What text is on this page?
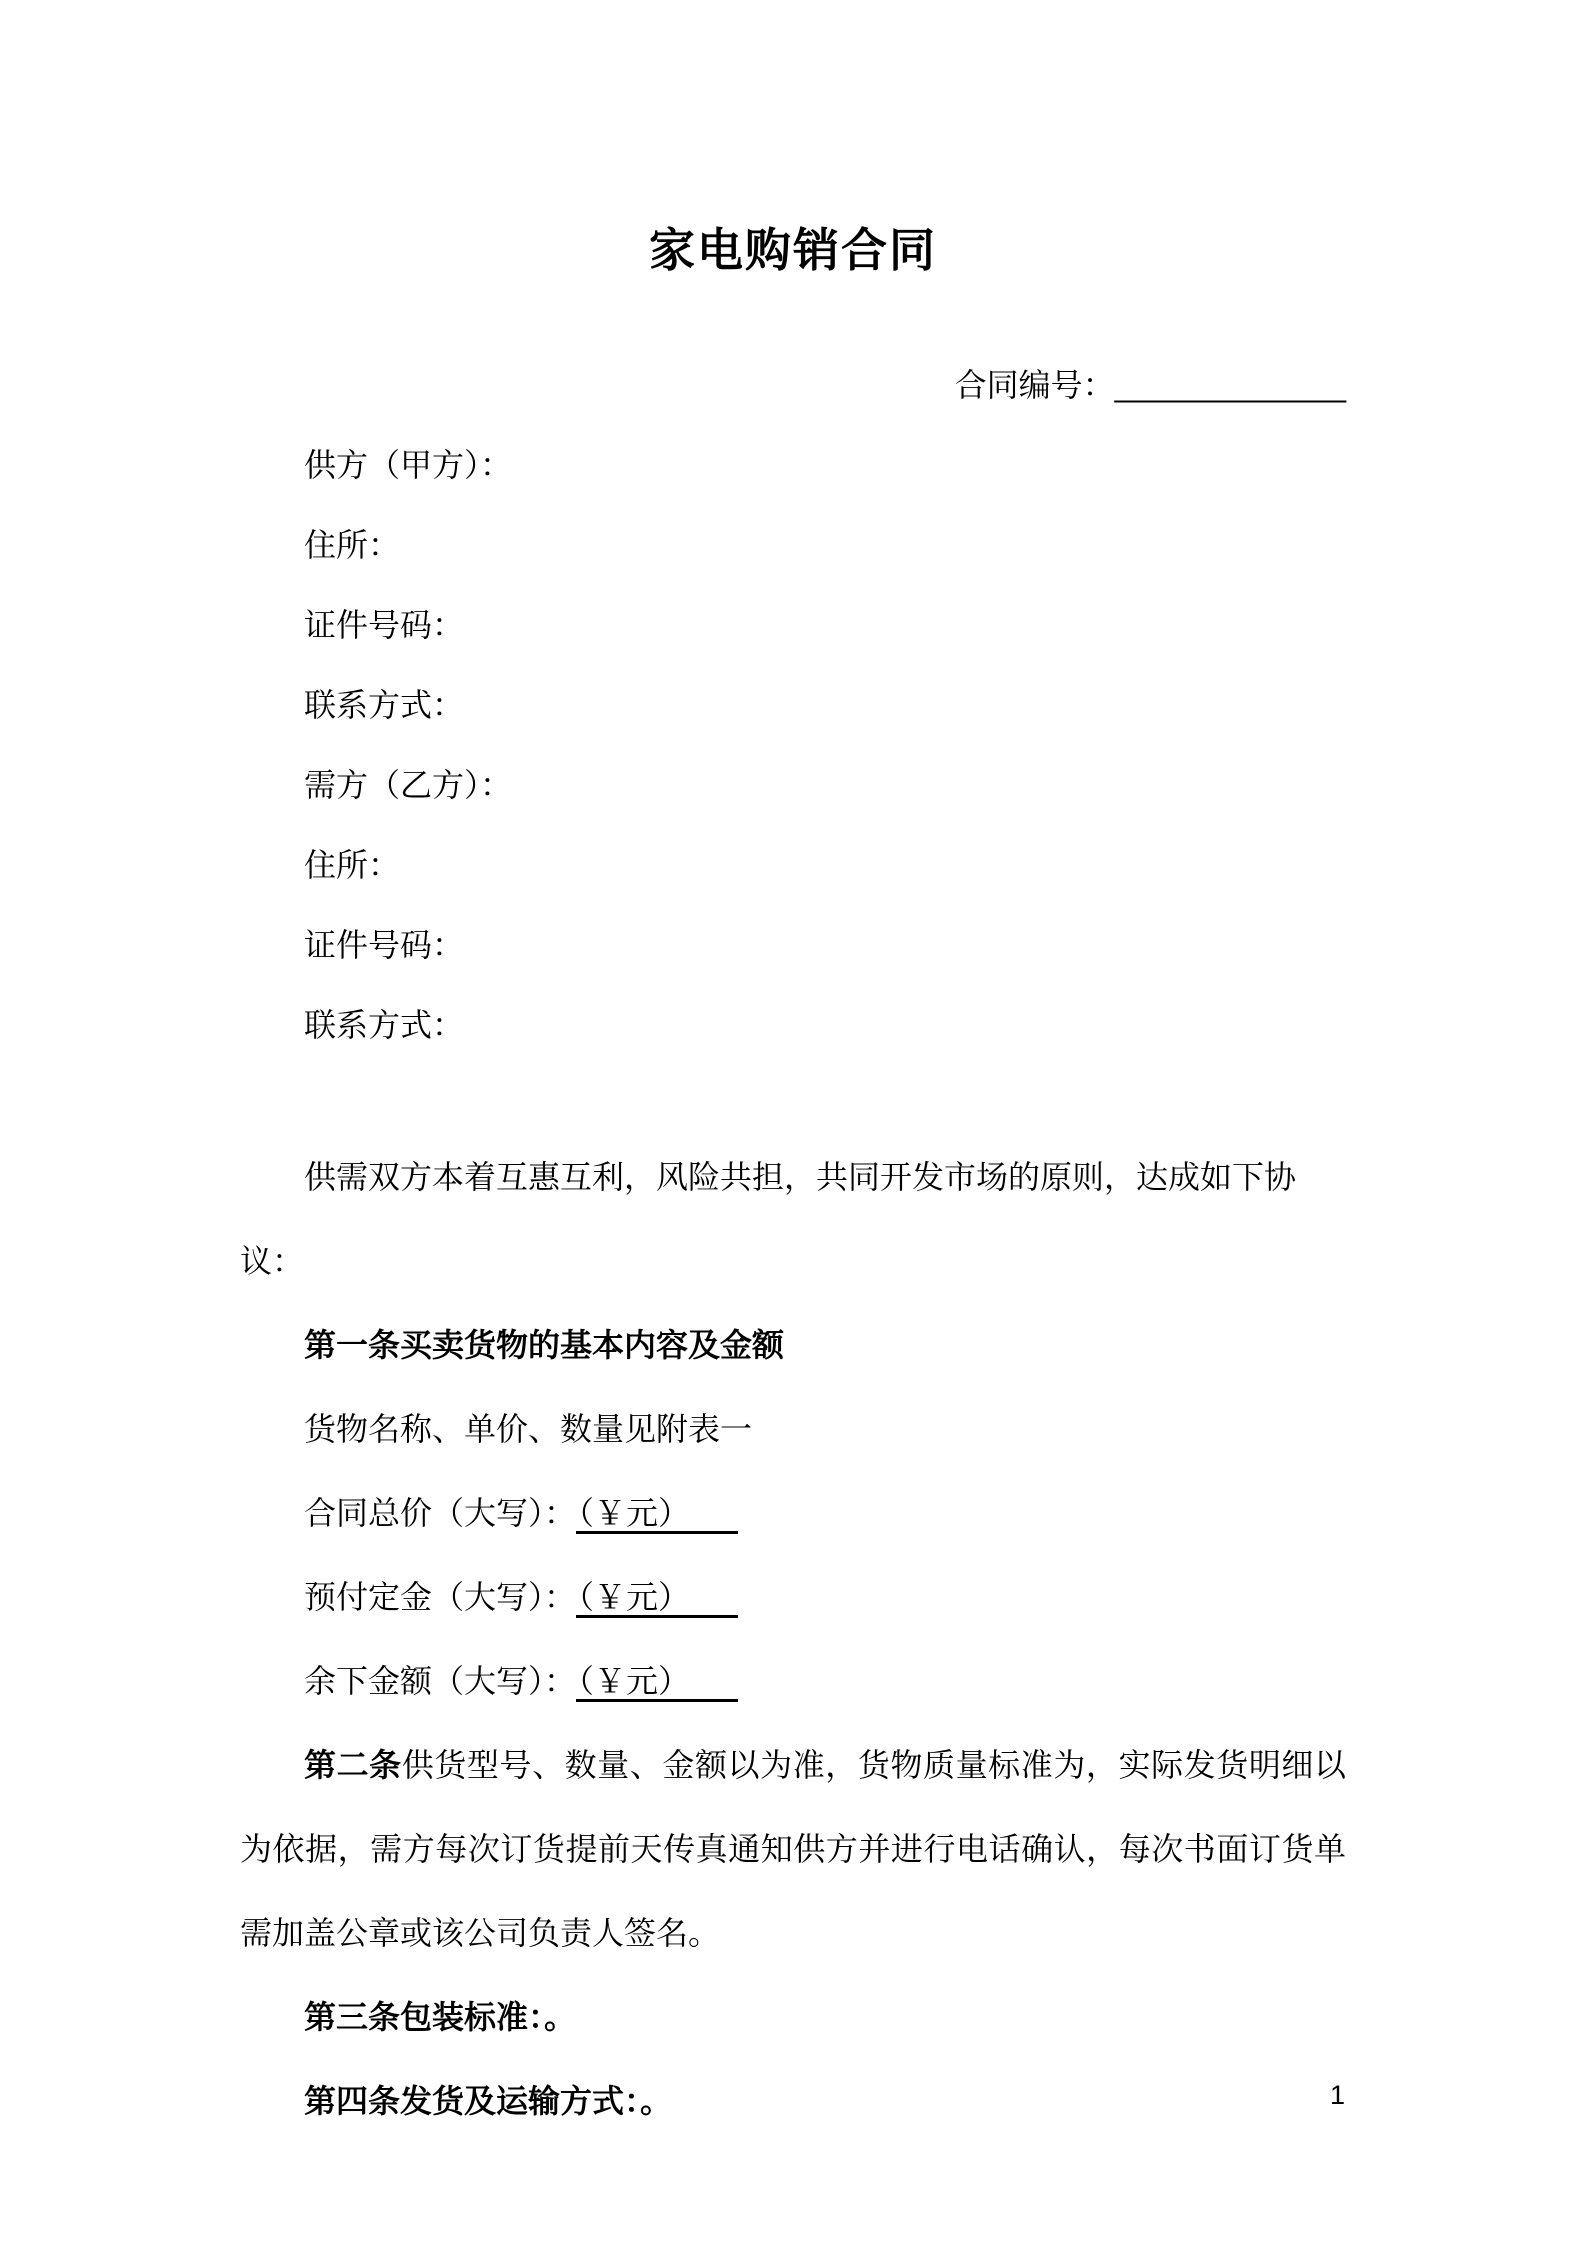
家电购销合同

合同编号：_____________

供方（甲方）：

住所：

证件号码：

联系方式：

需方（乙方）：

住所：

证件号码：

联系方式：

供需双方本着互惠互利，风险共担，共同开发市场的原则，达成如下协议：

第一条买卖货物的基本内容及金额

货物名称、单价、数量见附表一

合同总价（大写）：（￥元）

预付定金（大写）：（￥元）

余下金额（大写）：（￥元）

第二条供货型号、数量、金额以为准，货物质量标准为，实际发货明细以为依据，需方每次订货提前天传真通知供方并进行电话确认，每次书面订货单需加盖公章或该公司负责人签名。

第三条包装标准：。

第四条发货及运输方式：。	1
